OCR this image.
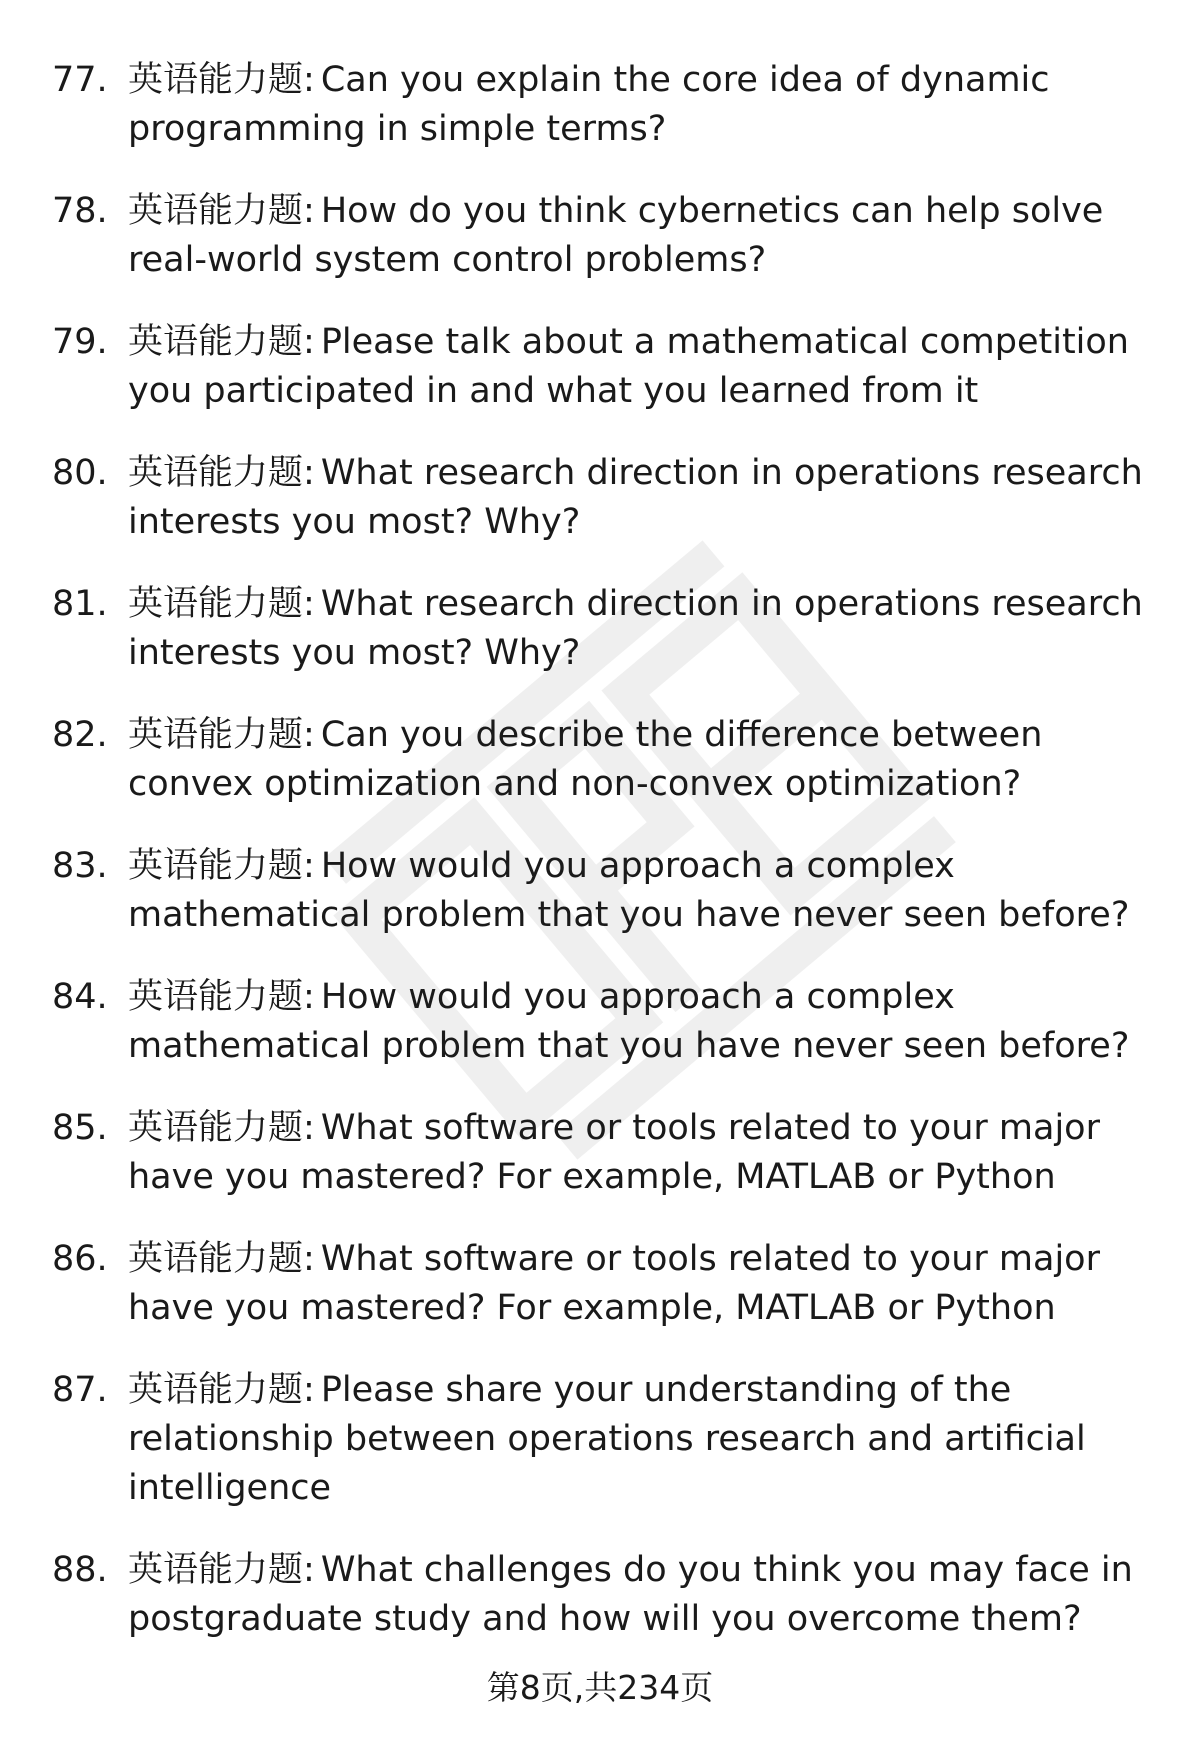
77. 英语能力题: Can you explain the core idea of dynamic programming in simple terms?
78. 英语能力题: How do you think cybernetics can help solve real-world system control problems?
79. 英语能力题: Please talk about a mathematical competition you participated in and what you learned from it
80. 英语能力题: What research direction in operations research interests you most? Why?
81. 英语能力题: What research direction in operations research interests you most? Why?
82. 英语能力题: Can you describe the difference between convex optimization and non-convex optimization?
83. 英语能力题: How would you approach a complex mathematical problem that you have never seen before?
84. 英语能力题: How would you approach a complex mathematical problem that you have never seen before?
85. 英语能力题: What software or tools related to your major have you mastered? For example, MATLAB or Python
86. 英语能力题: What software or tools related to your major have you mastered? For example, MATLAB or Python
87. 英语能力题: Please share your understanding of the relationship between operations research and artificial intelligence
88. 英语能力题: What challenges do you think you may face in postgraduate study and how will you overcome them?
第8页,共234页
